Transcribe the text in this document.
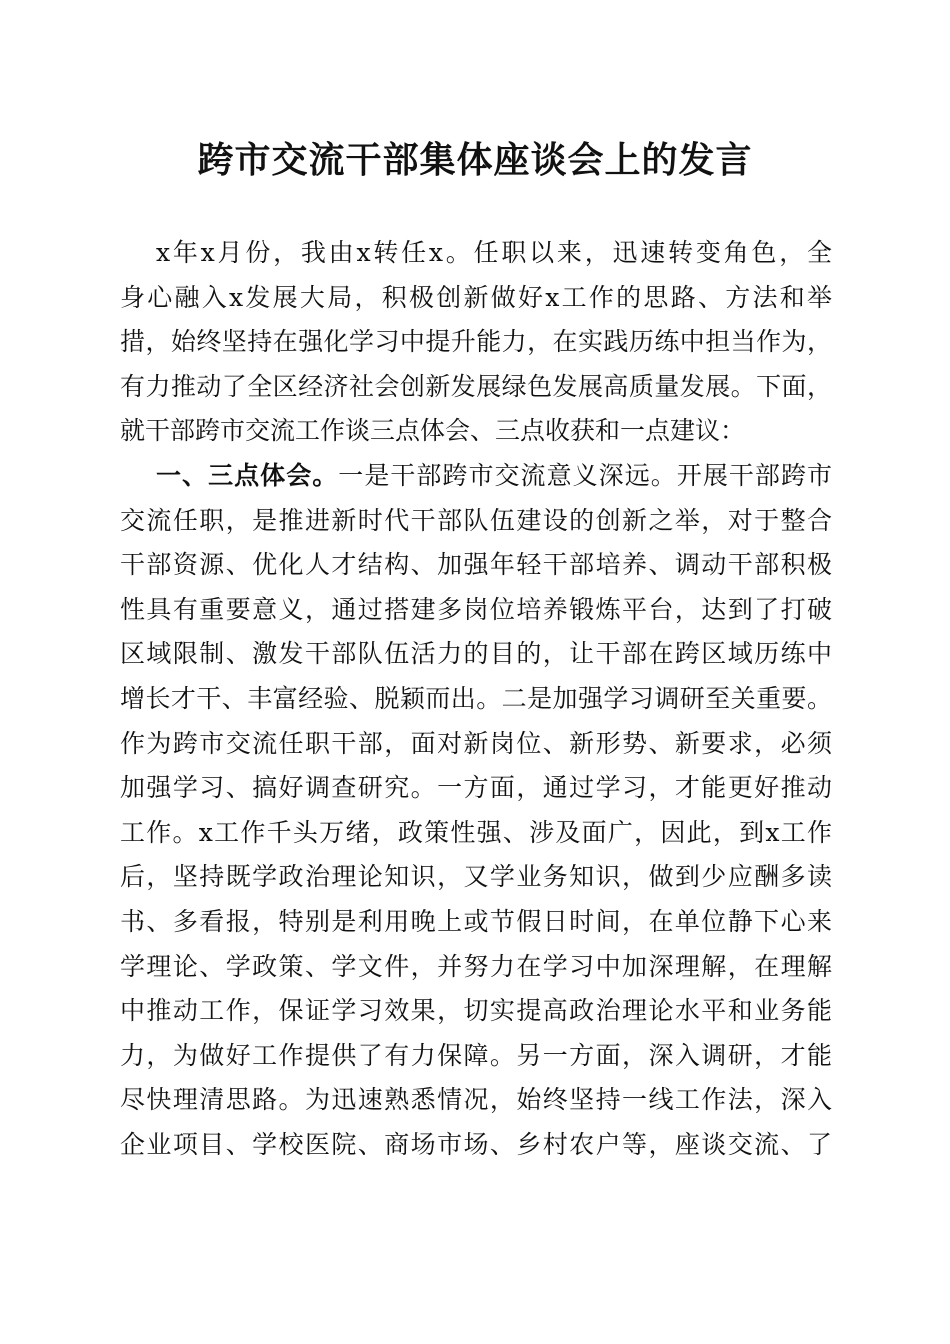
跨市交流干部集体座谈会上的发言
x年x月份，我由x转任x。任职以来，迅速转变角色，全
身心融入x发展大局，积极创新做好x工作的思路、方法和举
措，始终坚持在强化学习中提升能力，在实践历练中担当作为，
有力推动了全区经济社会创新发展绿色发展高质量发展。下面，
就干部跨市交流工作谈三点体会、三点收获和一点建议：
一、三点体会。一是干部跨市交流意义深远。开展干部跨市
交流任职，是推进新时代干部队伍建设的创新之举，对于整合
干部资源、优化人才结构、加强年轻干部培养、调动干部积极
性具有重要意义，通过搭建多岗位培养锻炼平台，达到了打破
区域限制、激发干部队伍活力的目的，让干部在跨区域历练中
增长才干、丰富经验、脱颖而出。二是加强学习调研至关重要。
作为跨市交流任职干部，面对新岗位、新形势、新要求，必须
加强学习、搞好调查研究。一方面，通过学习，才能更好推动
工作。x工作千头万绪，政策性强、涉及面广，因此，到x工作
后，坚持既学政治理论知识，又学业务知识，做到少应酬多读
书、多看报，特别是利用晚上或节假日时间，在单位静下心来
学理论、学政策、学文件，并努力在学习中加深理解，在理解
中推动工作，保证学习效果，切实提高政治理论水平和业务能
力，为做好工作提供了有力保障。另一方面，深入调研，才能
尽快理清思路。为迅速熟悉情况，始终坚持一线工作法，深入
企业项目、学校医院、商场市场、乡村农户等，座谈交流、了
